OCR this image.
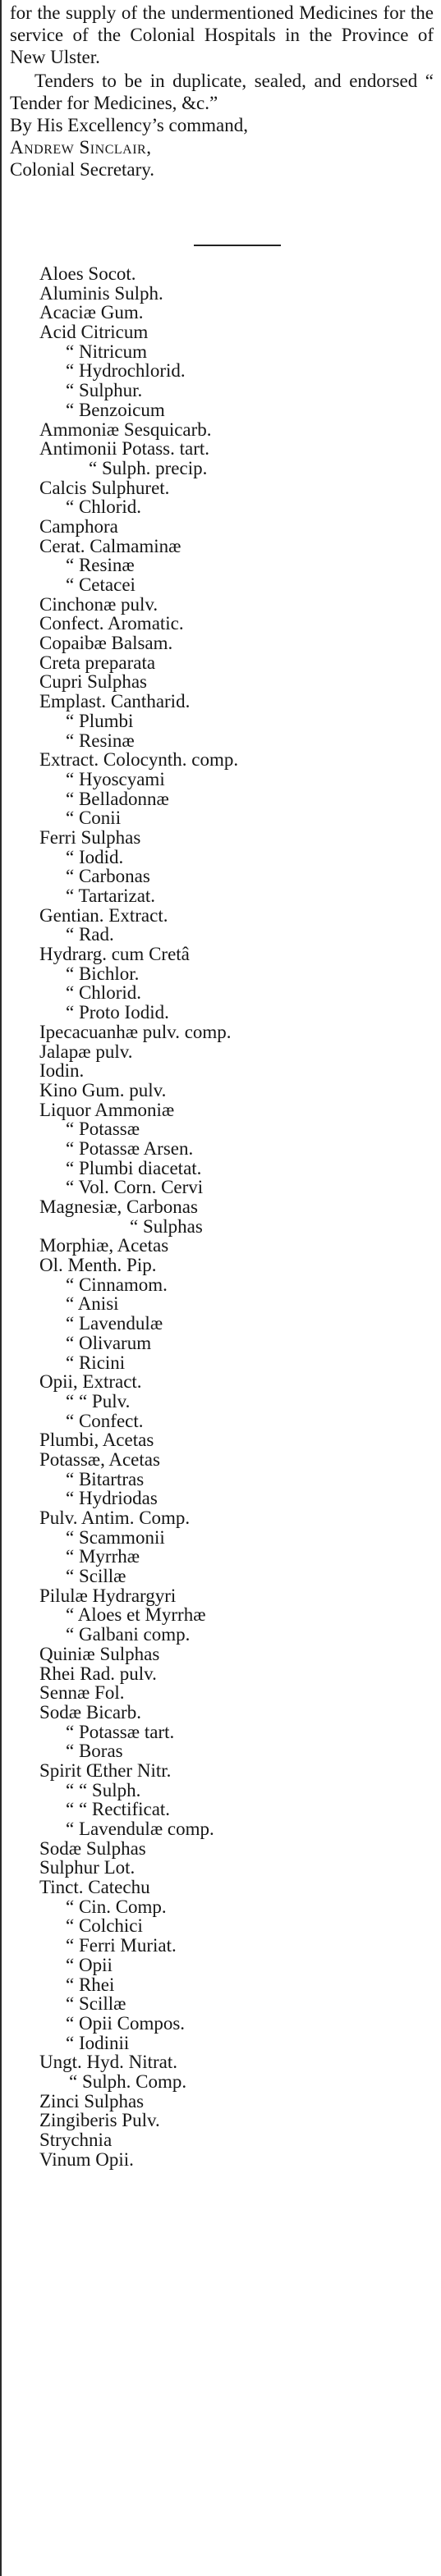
for the supply of the undermentioned Medicines for the service of the Colonial Hospitals in the Province of New Ulster.

Tenders to be in duplicate, sealed, and endorsed “ Tender for Medicines, &c.”

By His Excellency’s command,

Andrew Sinclair,

Colonial Secretary.

Aloes Socot.
Aluminis Sulph.
Acaciæ Gum.
Acid Citricum
“ Nitricum
“ Hydrochlorid.
“ Sulphur.
“ Benzoicum
Ammoniæ Sesquicarb.
Antimonii Potass. tart.
“ Sulph. precip.
Calcis Sulphuret.
“ Chlorid.
Camphora
Cerat. Calmaminæ
“ Resinæ
“ Cetacei
Cinchonæ pulv.
Confect. Aromatic.
Copaibæ Balsam.
Creta preparata
Cupri Sulphas
Emplast. Cantharid.
“ Plumbi
“ Resinæ
Extract. Colocynth. comp.
“ Hyoscyami
“ Belladonnæ
“ Conii
Ferri Sulphas
“ Iodid.
“ Carbonas
“ Tartarizat.
Gentian. Extract.
“ Rad.
Hydrarg. cum Cretâ
“ Bichlor.
“ Chlorid.
“ Proto Iodid.
Ipecacuanhæ pulv. comp.
Jalapæ pulv.
Iodin.
Kino Gum. pulv.
Liquor Ammoniæ
“ Potassæ
“ Potassæ Arsen.
“ Plumbi diacetat.
“ Vol. Corn. Cervi
Magnesiæ, Carbonas
“ Sulphas
Morphiæ, Acetas
Ol. Menth. Pip.
“ Cinnamom.
“ Anisi
“ Lavendulæ
“ Olivarum
“ Ricini
Opii, Extract.
“ “ Pulv.
“ Confect.
Plumbi, Acetas
Potassæ, Acetas
“ Bitartras
“ Hydriodas
Pulv. Antim. Comp.
“ Scammonii
“ Myrrhæ
“ Scillæ
Pilulæ Hydrargyri
“ Aloes et Myrrhæ
“ Galbani comp.
Quiniæ Sulphas
Rhei Rad. pulv.
Sennæ Fol.
Sodæ Bicarb.
“ Potassæ tart.
“ Boras
Spirit Œther Nitr.
“ “ Sulph.
“ “ Rectificat.
“ Lavendulæ comp.
Sodæ Sulphas
Sulphur Lot.
Tinct. Catechu
“ Cin. Comp.
“ Colchici
“ Ferri Muriat.
“ Opii
“ Rhei
“ Scillæ
“ Opii Compos.
“ Iodinii
Ungt. Hyd. Nitrat.
“ Sulph. Comp.
Zinci Sulphas
Zingiberis Pulv.
Strychnia
Vinum Opii.
